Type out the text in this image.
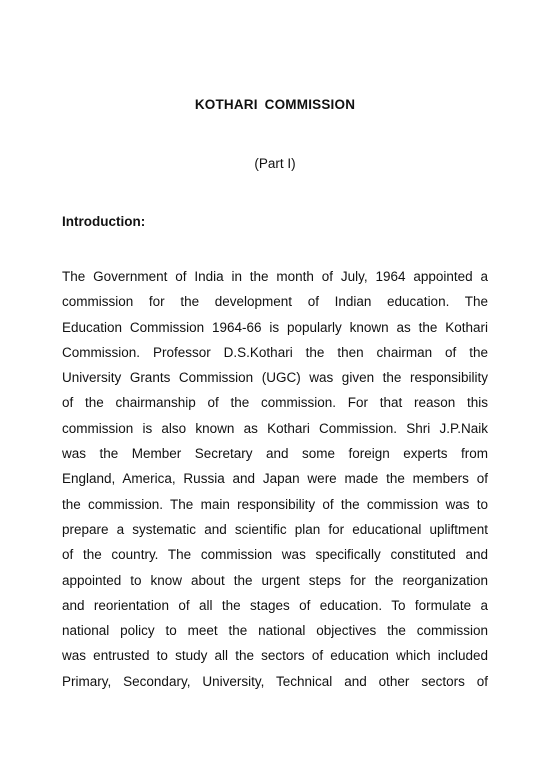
KOTHARI COMMISSION
(Part I)
Introduction:
The Government of India in the month of July, 1964 appointed a
commission for the development of Indian education. The
Education Commission 1964-66 is popularly known as the Kothari
Commission. Professor D.S.Kothari the then chairman of the
University Grants Commission (UGC) was given the responsibility
of the chairmanship of the commission. For that reason this
commission is also known as Kothari Commission. Shri J.P.Naik
was the Member Secretary and some foreign experts from
England, America, Russia and Japan were made the members of
the commission. The main responsibility of the commission was to
prepare a systematic and scientific plan for educational upliftment
of the country. The commission was specifically constituted and
appointed to know about the urgent steps for the reorganization
and reorientation of all the stages of education. To formulate a
national policy to meet the national objectives the commission
was entrusted to study all the sectors of education which included
Primary, Secondary, University, Technical and other sectors of
